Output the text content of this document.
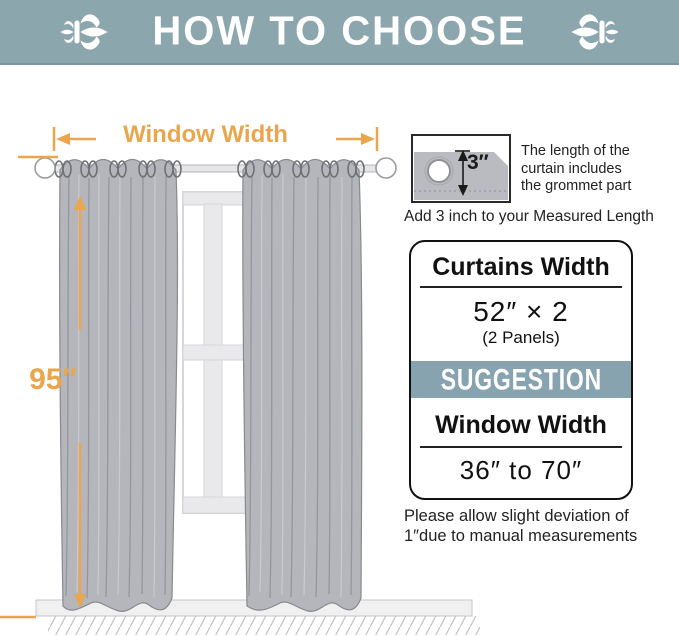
HOW TO CHOOSE
Window Width
95″
3″ The length of the
curtain includes
the grommet part
Add 3 inch to your Measured Length
Curtains Width
52″ × 2
(2 Panels)
SUGGESTION
Window Width
36″ to 70″
Please allow slight deviation of
1″due to manual measurements
